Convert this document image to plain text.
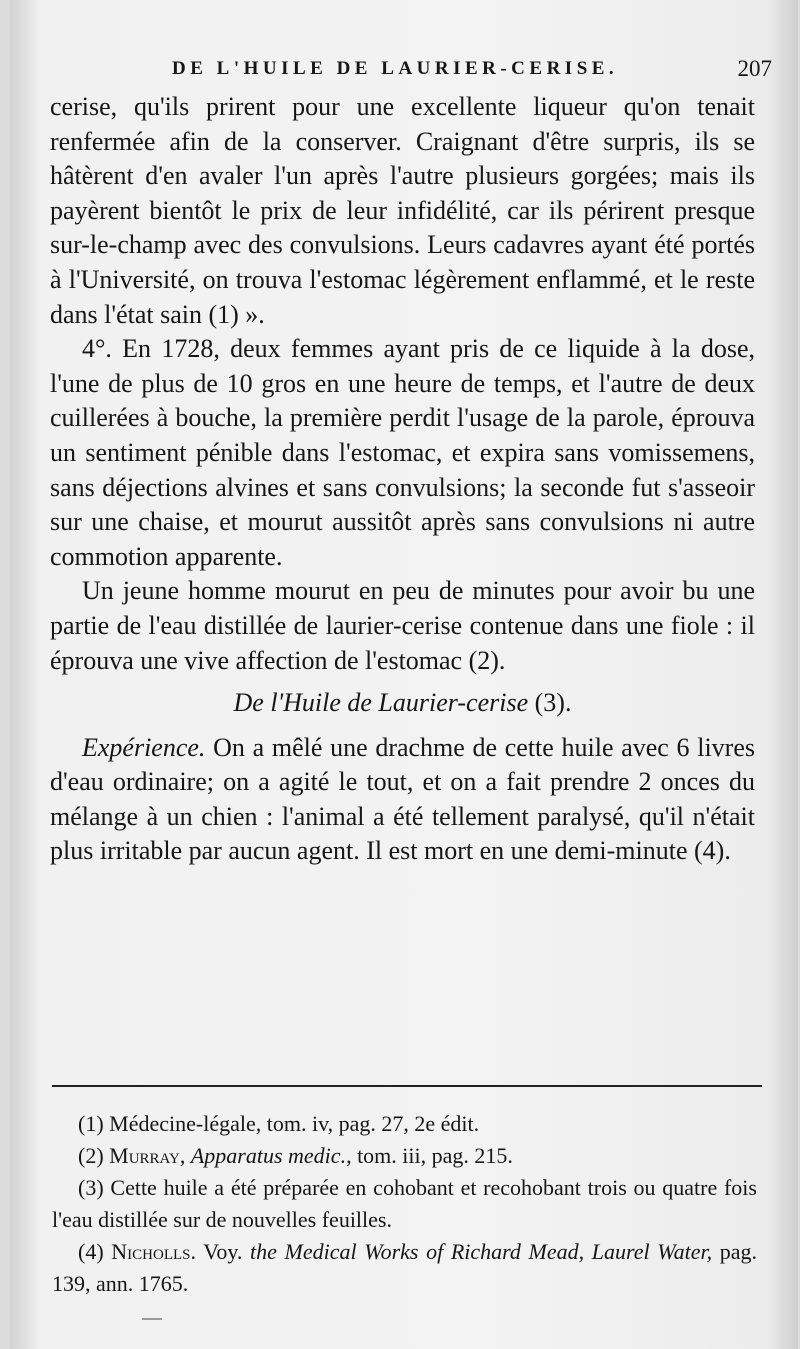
DE L'HUILE DE LAURIER-CERISE.	207

cerise, qu'ils prirent pour une excellente liqueur qu'on tenait renfermée afin de la conserver. Craignant d'être surpris, ils se hâtèrent d'en avaler l'un après l'autre plusieurs gorgées; mais ils payèrent bientôt le prix de leur infidélité, car ils périrent presque sur-le-champ avec des convulsions. Leurs cadavres ayant été portés à l'Université, on trouva l'estomac légèrement enflammé, et le reste dans l'état sain (1) ».

4°. En 1728, deux femmes ayant pris de ce liquide à la dose, l'une de plus de 10 gros en une heure de temps, et l'autre de deux cuillerées à bouche, la première perdit l'usage de la parole, éprouva un sentiment pénible dans l'estomac, et expira sans vomissemens, sans déjections alvines et sans convulsions; la seconde fut s'asseoir sur une chaise, et mourut aussitôt après sans convulsions ni autre commotion apparente.

Un jeune homme mourut en peu de minutes pour avoir bu une partie de l'eau distillée de laurier-cerise contenue dans une fiole : il éprouva une vive affection de l'estomac (2).

De l'Huile de Laurier-cerise (3).

Expérience. On a mêlé une drachme de cette huile avec 6 livres d'eau ordinaire; on a agité le tout, et on a fait prendre 2 onces du mélange à un chien : l'animal a été tellement paralysé, qu'il n'était plus irritable par aucun agent. Il est mort en une demi-minute (4).

(1) Médecine-légale, tom. iv, pag. 27, 2e édit.

(2) Murray, Apparatus medic., tom. iii, pag. 215.

(3) Cette huile a été préparée en cohobant et recohobant trois ou quatre fois l'eau distillée sur de nouvelles feuilles.

(4) Nicholls. Voy. the Medical Works of Richard Mead, Laurel Water, pag. 139, ann. 1765.
